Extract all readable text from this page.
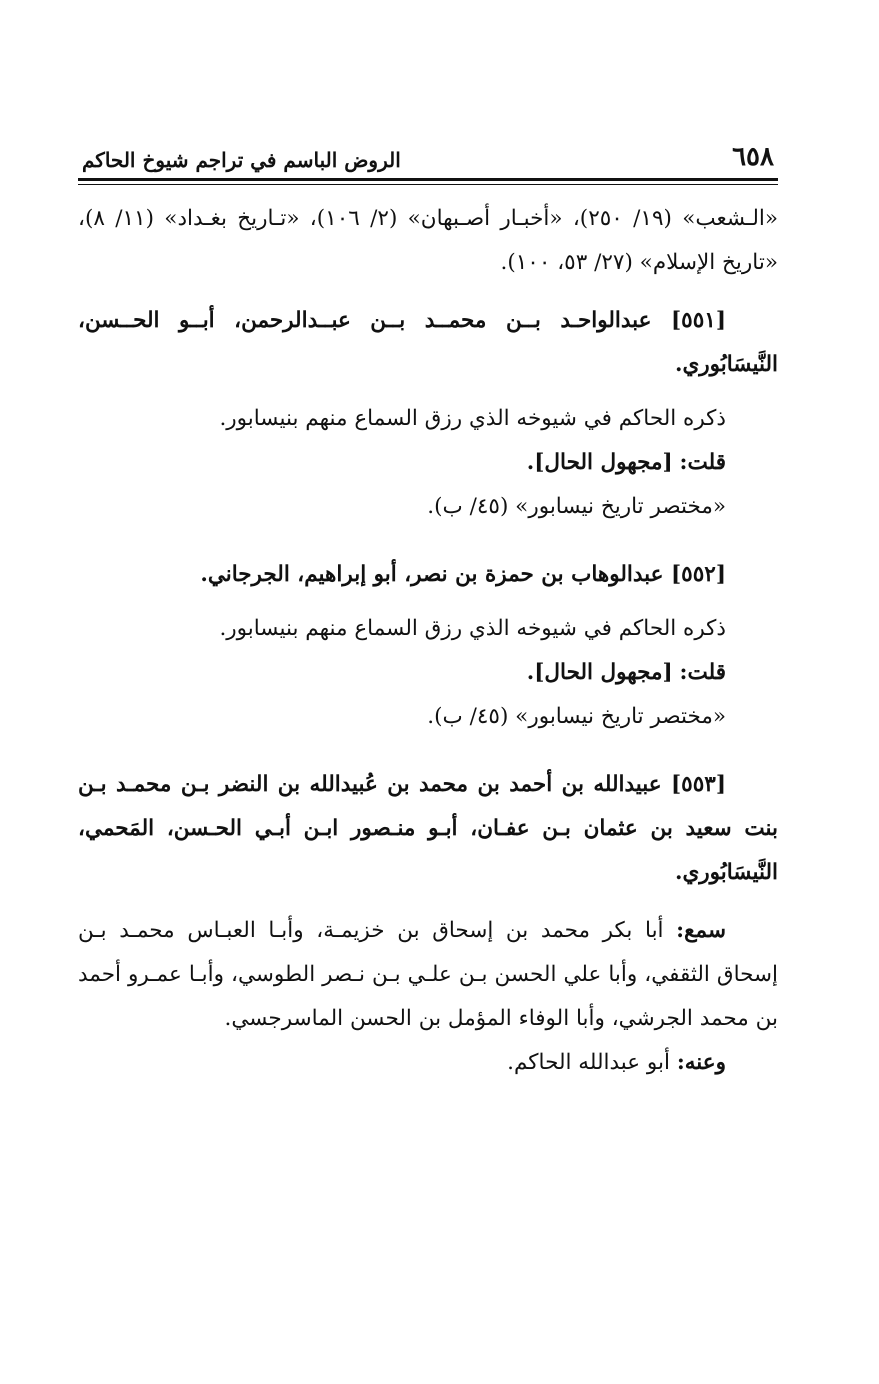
٦٥٨
الروض الباسم في تراجم شيوخ الحاكم

«الـشعب» (١٩/ ٢٥٠)، «أخبـار أصـبهان» (٢/ ١٠٦)، «تـاريخ بغـداد» (١١/ ٨)، «تاريخ الإسلام» (٢٧/ ٥٣، ١٠٠).

[٥٥١] عبدالواحـد بــن محمــد بــن عبــدالرحمن، أبــو الحــسن، النَّيسَابُوري.

ذكره الحاكم في شيوخه الذي رزق السماع منهم بنيسابور.

قلت: [مجهول الحال].

«مختصر تاريخ نيسابور» (٤٥/ ب).

[٥٥٢] عبدالوهاب بن حمزة بن نصر، أبو إبراهيم، الجرجاني.

ذكره الحاكم في شيوخه الذي رزق السماع منهم بنيسابور.

قلت: [مجهول الحال].

«مختصر تاريخ نيسابور» (٤٥/ ب).

[٥٥٣] عبيدالله بن أحمد بن محمد بن عُبيدالله بن النضر بـن محمـد بـن بنت سعيد بن عثمان بـن عفـان، أبـو منـصور ابـن أبـي الحـسن، المَحمي، النَّيسَابُوري.

سمع: أبا بكر محمد بن إسحاق بن خزيمـة، وأبـا العبـاس محمـد بـن إسحاق الثقفي، وأبا علي الحسن بـن علـي بـن نـصر الطوسي، وأبـا عمـرو أحمد بن محمد الجرشي، وأبا الوفاء المؤمل بن الحسن الماسرجسي.

وعنه: أبو عبدالله الحاكم.
